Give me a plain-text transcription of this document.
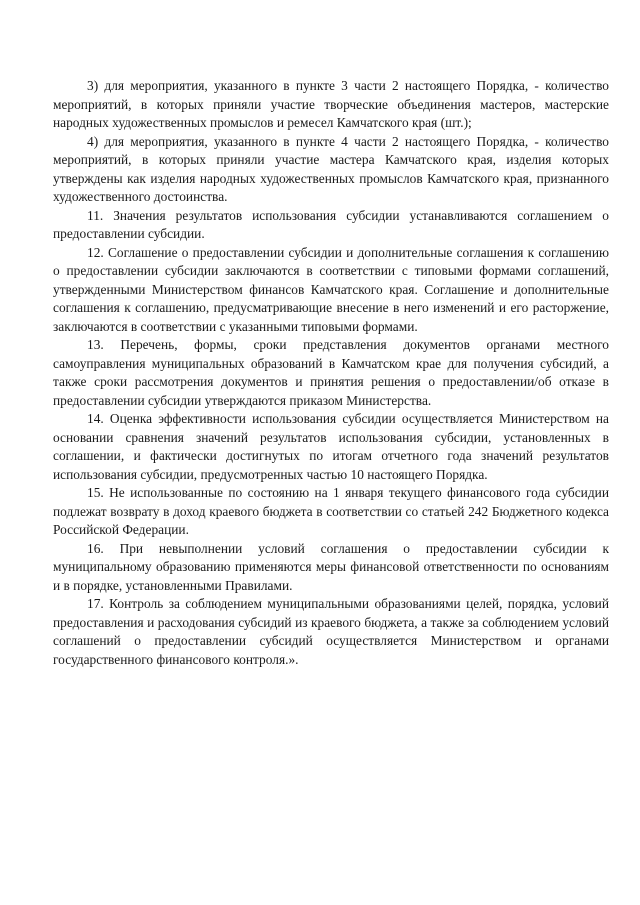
3) для мероприятия, указанного в пункте 3 части 2 настоящего Порядка, - количество мероприятий, в которых приняли участие творческие объединения мастеров, мастерские народных художественных промыслов и ремесел Камчатского края (шт.);

4) для мероприятия, указанного в пункте 4 части 2 настоящего Порядка, - количество мероприятий, в которых приняли участие мастера Камчатского края, изделия которых утверждены как изделия народных художественных промыслов Камчатского края, признанного художественного достоинства.

11. Значения результатов использования субсидии устанавливаются соглашением о предоставлении субсидии.

12. Соглашение о предоставлении субсидии и дополнительные соглашения к соглашению о предоставлении субсидии заключаются в соответствии с типовыми формами соглашений, утвержденными Министерством финансов Камчатского края. Соглашение и дополнительные соглашения к соглашению, предусматривающие внесение в него изменений и его расторжение, заключаются в соответствии с указанными типовыми формами.

13. Перечень, формы, сроки представления документов органами местного самоуправления муниципальных образований в Камчатском крае для получения субсидий, а также сроки рассмотрения документов и принятия решения о предоставлении/об отказе в предоставлении субсидии утверждаются приказом Министерства.

14. Оценка эффективности использования субсидии осуществляется Министерством на основании сравнения значений результатов использования субсидии, установленных в соглашении, и фактически достигнутых по итогам отчетного года значений результатов использования субсидии, предусмотренных частью 10 настоящего Порядка.

15. Не использованные по состоянию на 1 января текущего финансового года субсидии подлежат возврату в доход краевого бюджета в соответствии со статьей 242 Бюджетного кодекса Российской Федерации.

16. При невыполнении условий соглашения о предоставлении субсидии к муниципальному образованию применяются меры финансовой ответственности по основаниям и в порядке, установленными Правилами.

17. Контроль за соблюдением муниципальными образованиями целей, порядка, условий предоставления и расходования субсидий из краевого бюджета, а также за соблюдением условий соглашений о предоставлении субсидий осуществляется Министерством и органами государственного финансового контроля.».
